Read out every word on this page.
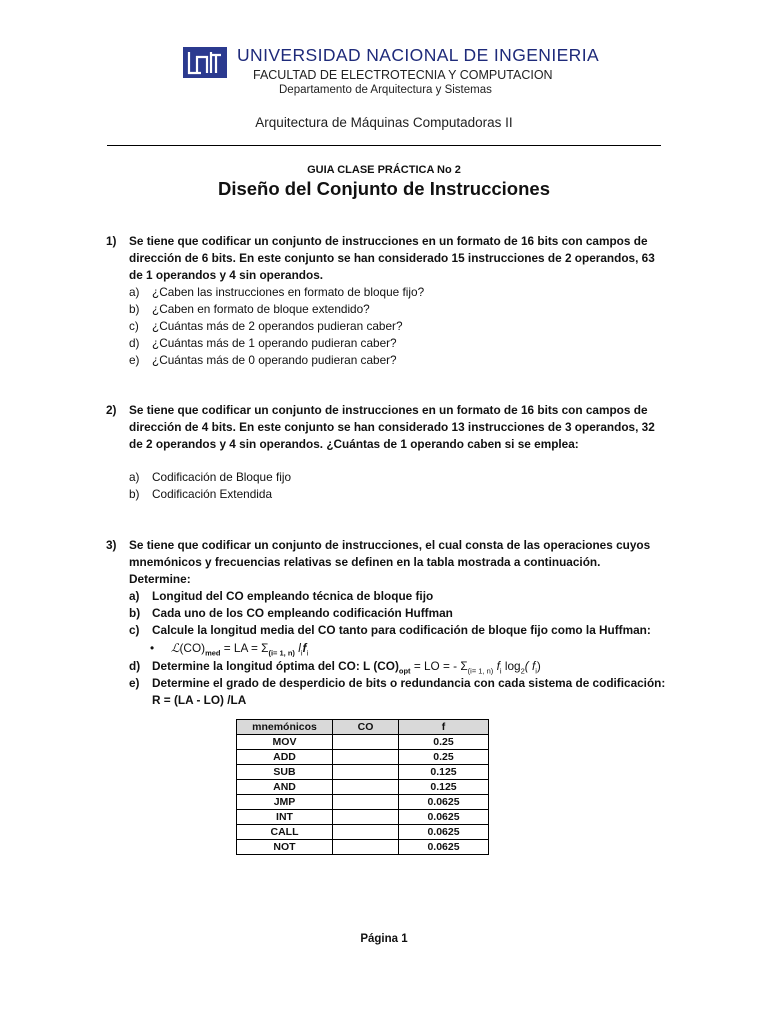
UNIVERSIDAD NACIONAL DE INGENIERIA
FACULTAD DE ELECTROTECNIA Y COMPUTACION
Departamento de Arquitectura y Sistemas
Arquitectura de Máquinas Computadoras II
GUIA CLASE PRÁCTICA No 2
Diseño del Conjunto de Instrucciones
1) Se tiene que codificar un conjunto de instrucciones en un formato de 16 bits con campos de
dirección de 6 bits. En este conjunto se han considerado 15 instrucciones de 2 operandos, 63
de 1 operandos y 4 sin operandos.
a) ¿Caben las instrucciones en formato de bloque fijo?
b) ¿Caben en formato de bloque extendido?
c) ¿Cuántas más de 2 operandos pudieran caber?
d) ¿Cuántas más de 1 operando pudieran caber?
e) ¿Cuántas más de 0 operando pudieran caber?
2) Se tiene que codificar un conjunto de instrucciones en un formato de 16 bits con campos de
dirección de 4 bits. En este conjunto se han considerado 13 instrucciones de 3 operandos, 32
de 2 operandos y 4 sin operandos. ¿Cuántas de 1 operando caben si se emplea:
a) Codificación de Bloque fijo
b) Codificación Extendida
3) Se tiene que codificar un conjunto de instrucciones, el cual consta de las operaciones cuyos
mnemónicos y frecuencias relativas se definen en la tabla mostrada a continuación.
Determine:
a) Longitud del CO empleando técnica de bloque fijo
b) Cada uno de los CO empleando codificación Huffman
c) Calcule la longitud media del CO tanto para codificación de bloque fijo como la Huffman:
• $ℒ(CO)_{med}$ = LA = $\Sigma_{(i= 1, n)}$ $l_if_i$
d) Determine la longitud óptima del CO: L $(CO)_{opt}$ = LO = - $\Sigma_{(i= 1, n)}$ $f_i$ $\log_2$( $f_i$)
e) Determine el grado de desperdicio de bits o redundancia con cada sistema de codificación:
R = (LA - LO) /LA
mnemónicos	CO	f
MOV		0.25
ADD		0.25
SUB		0.125
AND		0.125
JMP		0.0625
INT		0.0625
CALL		0.0625
NOT		0.0625
Página 1
